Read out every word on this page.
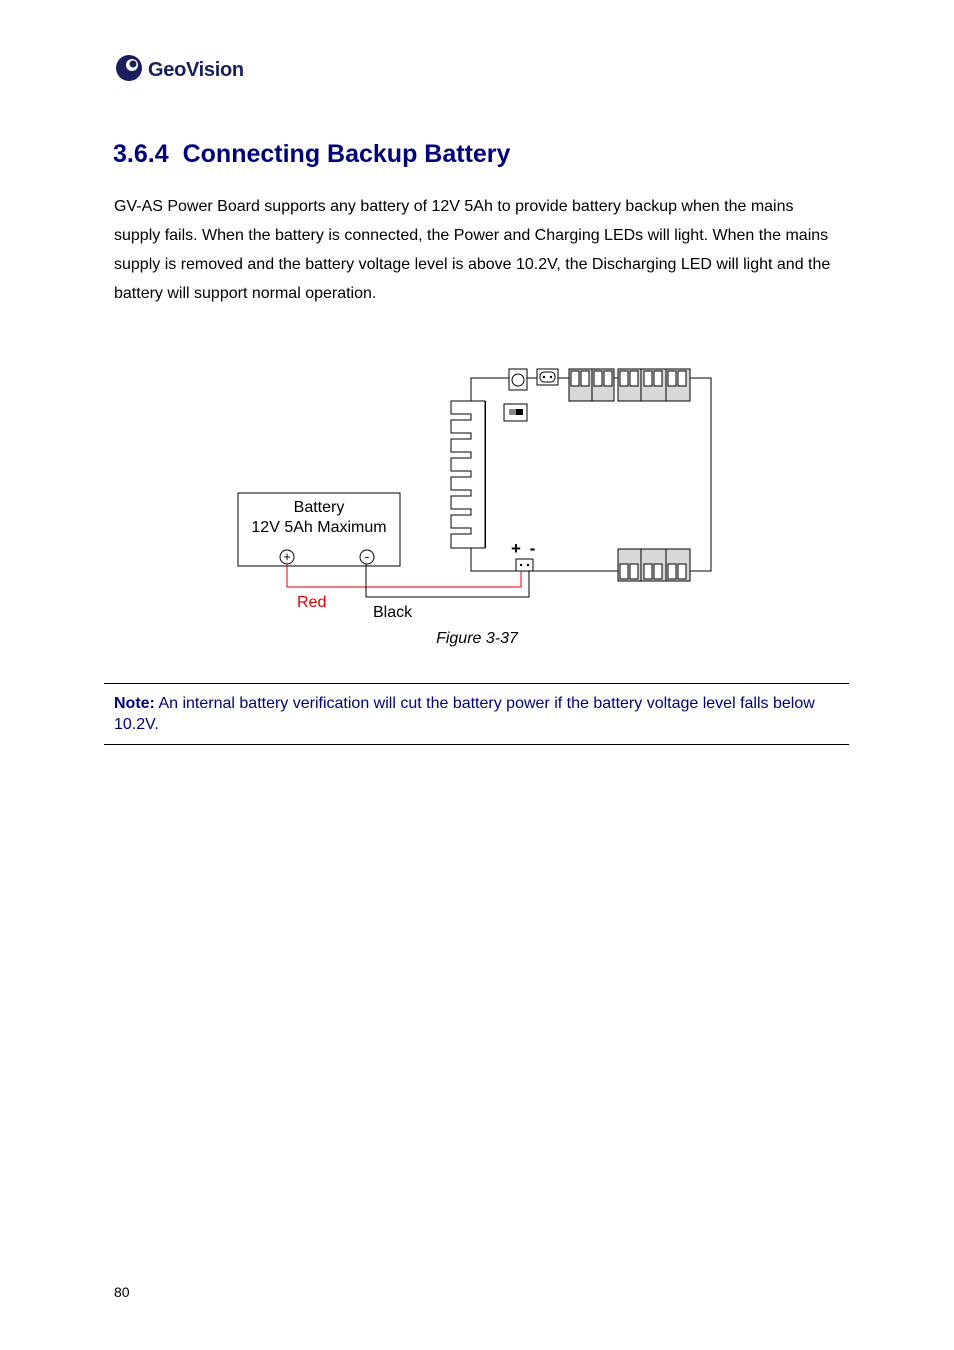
GeoVision
3.6.4 Connecting Backup Battery

GV-AS Power Board supports any battery of 12V 5Ah to provide battery backup when the mains supply fails. When the battery is connected, the Power and Charging LEDs will light. When the mains supply is removed and the battery voltage level is above 10.2V, the Discharging LED will light and the battery will support normal operation.

+	-
Battery
12V 5Ah Maximum
+ -
Red
Black
Figure 3-37
Note: An internal battery verification will cut the battery power if the battery voltage level falls below 10.2V.
80
